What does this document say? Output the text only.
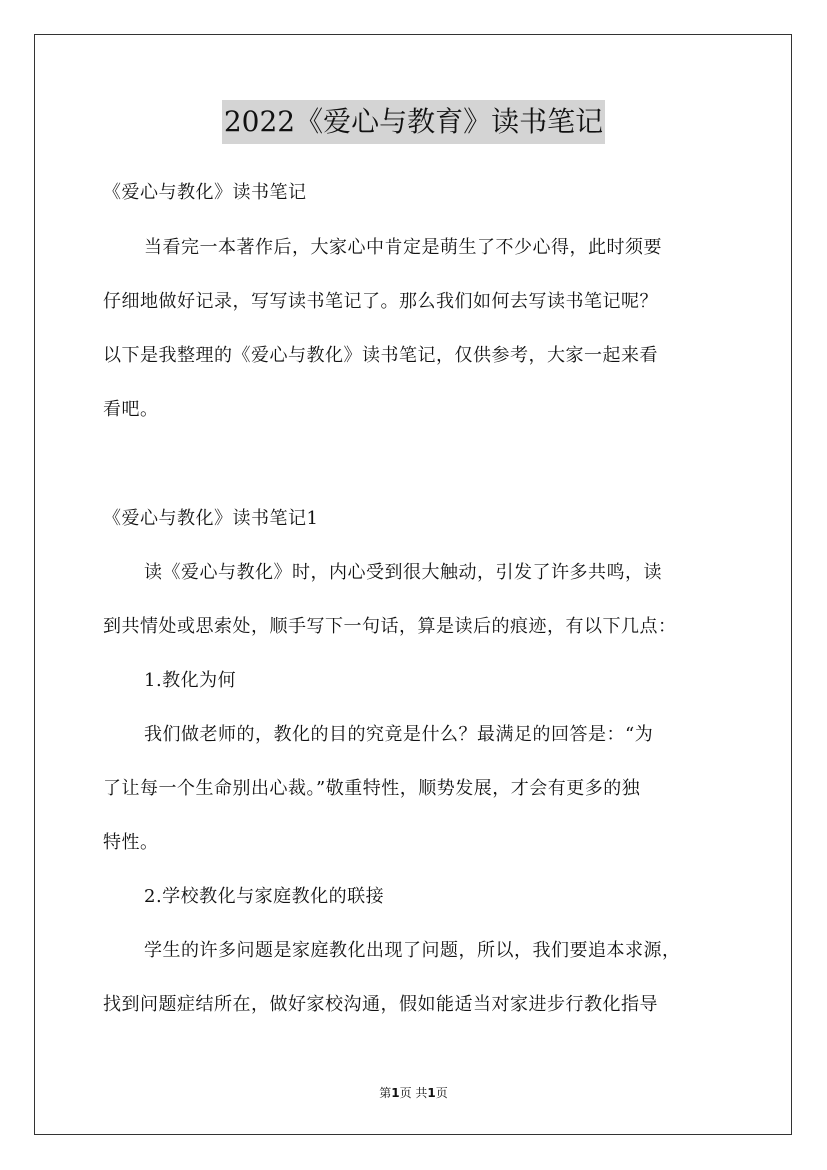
2022《爱心与教育》读书笔记
《爱心与教化》读书笔记
当看完一本著作后，大家心中肯定是萌生了不少心得，此时须要
仔细地做好记录，写写读书笔记了。那么我们如何去写读书笔记呢？
以下是我整理的《爱心与教化》读书笔记，仅供参考，大家一起来看
看吧。
《爱心与教化》读书笔记1
读《爱心与教化》时，内心受到很大触动，引发了许多共鸣，读
到共情处或思索处，顺手写下一句话，算是读后的痕迹，有以下几点：
1.教化为何
我们做老师的，教化的目的究竟是什么？最满足的回答是：“为
了让每一个生命别出心裁。”敬重特性，顺势发展，才会有更多的独
特性。
2.学校教化与家庭教化的联接
学生的许多问题是家庭教化出现了问题，所以，我们要追本求源，
找到问题症结所在，做好家校沟通，假如能适当对家进步行教化指导
第1页 共1页
